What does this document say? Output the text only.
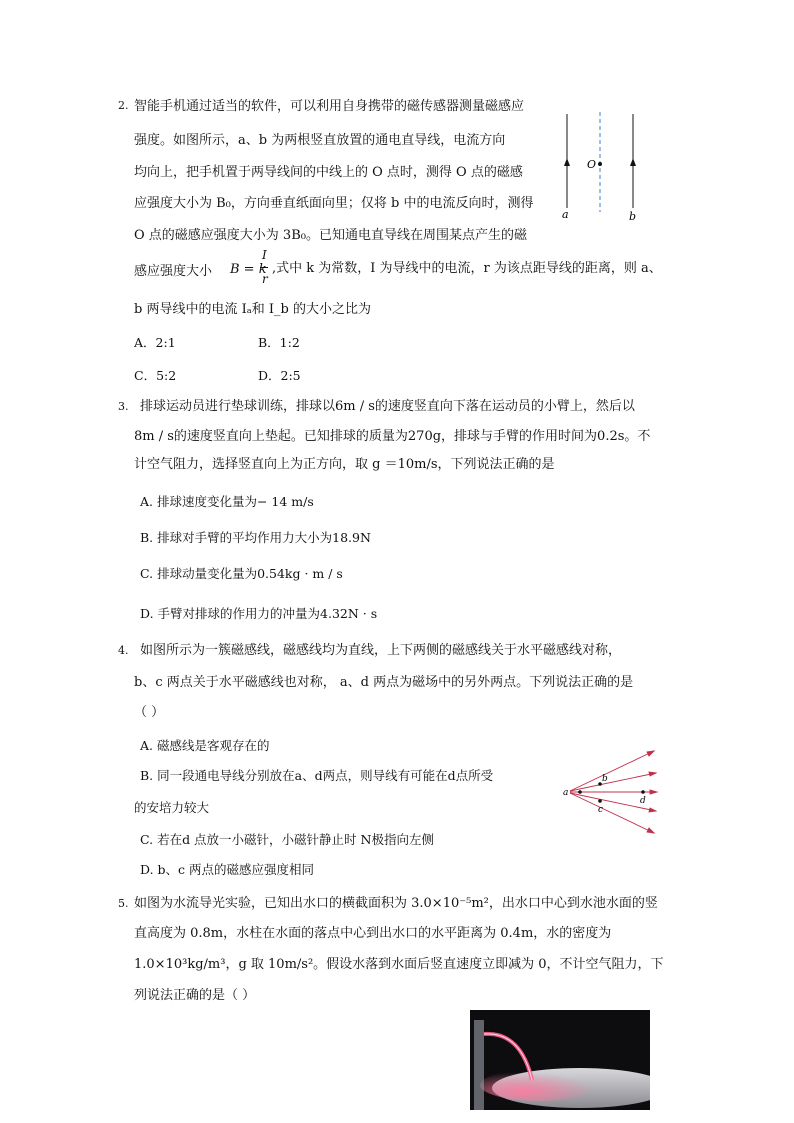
2. 智能手机通过适当的软件，可以利用自身携带的磁传感器测量磁感应
强度。如图所示，a、b 为两根竖直放置的通电直导线，电流方向
均向上，把手机置于两导线间的中线上的 O 点时，测得 O 点的磁感
应强度大小为 B₀，方向垂直纸面向里；仅将 b 中的电流反向时，测得
O 点的磁感应强度大小为 3B₀。已知通电直导线在周围某点产生的磁
感应强度大小 B = k
I
r
,式中 k 为常数，I 为导线中的电流，r 为该点距导线的距离，则 a、
b 两导线中的电流 Iₐ和 I_b 的大小之比为
A．2:1	B．1:2
C．5:2	D．2:5
O
a	b
3. 排球运动员进行垫球训练，排球以6m / s的速度竖直向下落在运动员的小臂上，然后以
8m / s的速度竖直向上垫起。已知排球的质量为270g，排球与手臂的作用时间为0.2s。不
计空气阻力，选择竖直向上为正方向，取 g ＝10m/s，下列说法正确的是
A. 排球速度变化量为− 14 m/s
B. 排球对手臂的平均作用力大小为18.9N
C. 排球动量变化量为0.54kg · m / s
D. 手臂对排球的作用力的冲量为4.32N · s
4. 如图所示为一簇磁感线，磁感线均为直线，上下两侧的磁感线关于水平磁感线对称，
b、c 两点关于水平磁感线也对称， a、d 两点为磁场中的另外两点。下列说法正确的是
（ ）
A. 磁感线是客观存在的
B. 同一段通电导线分别放在a、d两点，则导线有可能在d点所受
的安培力较大
C. 若在d 点放一小磁针，小磁针静止时 N极指向左侧
D. b、c 两点的磁感应强度相同
a
b
c
d
5. 如图为水流导光实验，已知出水口的横截面积为 3.0×10⁻⁵m²，出水口中心到水池水面的竖
直高度为 0.8m，水柱在水面的落点中心到出水口的水平距离为 0.4m，水的密度为
1.0×10³kg/m³，g 取 10m/s²。假设水落到水面后竖直速度立即减为 0，不计空气阻力，下
列说法正确的是（ ）
